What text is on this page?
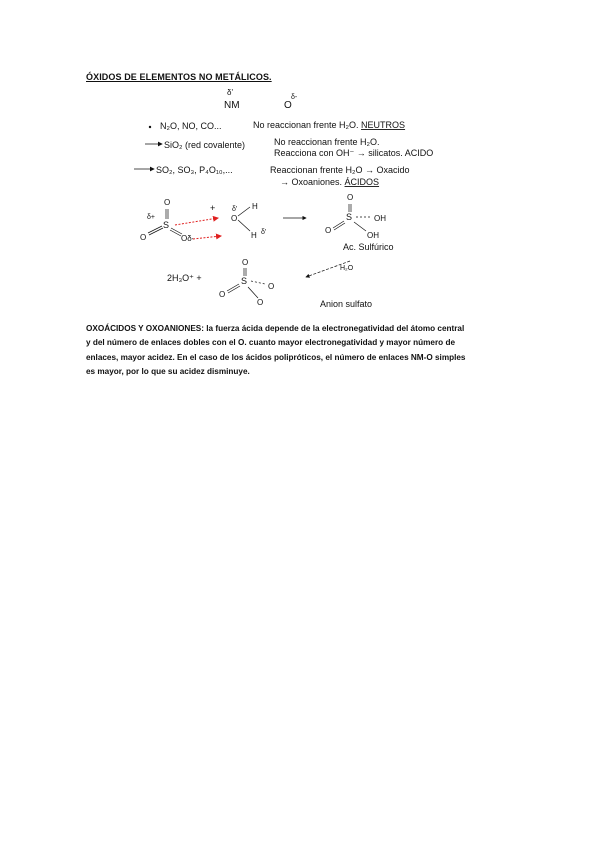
ÓXIDOS DE ELEMENTOS NO METÁLICOS.
δ'
NM
δ-
O
N₂O, NO, CO...	No reaccionan frente H₂O. NEUTROS
SiO₂ (red covalente)	No reaccionan frente H₂O.
Reacciona con OH⁻ → silicatos. ACIDO
SO₂, SO₃, P₄O₁₀,...	Reaccionan frente H₂O → Oxacido
→ Oxoaniones. ÁCIDOS
δ+
O
S
O	Oδ-
+ δ'
O
H
H δ'
O
S
O
OH
OH
Ac. Sulfúrico
2H₃O⁺ +
O
S
O
O
O	Anion sulfato
H₂O
OXOÁCIDOS Y OXOANIONES: la fuerza ácida depende de la electronegatividad del átomo central
y del número de enlaces dobles con el O. cuanto mayor electronegatividad y mayor número de
enlaces, mayor acidez. En el caso de los ácidos polipróticos, el número de enlaces NM-O simples
es mayor, por lo que su acidez disminuye.
